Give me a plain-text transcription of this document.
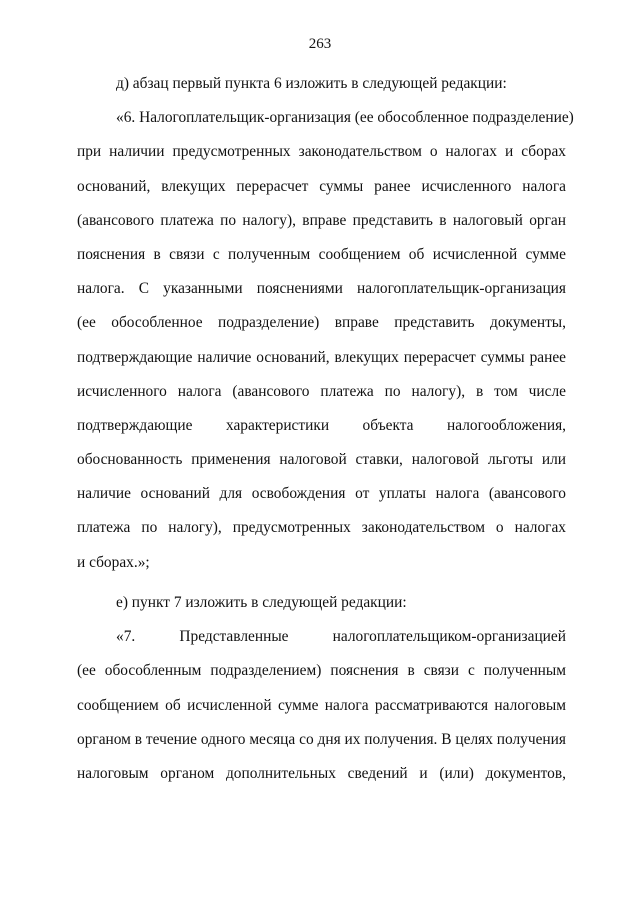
263
д) абзац первый пункта 6 изложить в следующей редакции:
«6. Налогоплательщик-организация (ее обособленное подразделение)
при наличии предусмотренных законодательством о налогах и сборах
оснований, влекущих перерасчет суммы ранее исчисленного налога
(авансового платежа по налогу), вправе представить в налоговый орган
пояснения в связи с полученным сообщением об исчисленной сумме
налога. С указанными пояснениями налогоплательщик-организация
(ее обособленное подразделение) вправе представить документы,
подтверждающие наличие оснований, влекущих перерасчет суммы ранее
исчисленного налога (авансового платежа по налогу), в том числе
подтверждающие характеристики объекта налогообложения,
обоснованность применения налоговой ставки, налоговой льготы или
наличие оснований для освобождения от уплаты налога (авансового
платежа по налогу), предусмотренных законодательством о налогах
и сборах.»;
е) пункт 7 изложить в следующей редакции:
«7. Представленные налогоплательщиком-организацией
(ее обособленным подразделением) пояснения в связи с полученным
сообщением об исчисленной сумме налога рассматриваются налоговым
органом в течение одного месяца со дня их получения. В целях получения
налоговым органом дополнительных сведений и (или) документов,
